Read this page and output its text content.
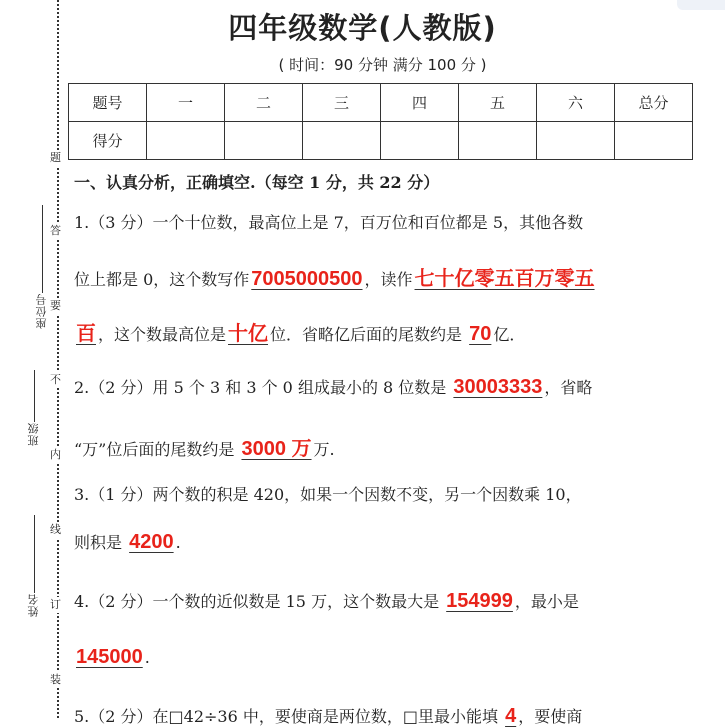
题
答
要
不
内
线
订
装
座位号
班级
姓名
四年级数学(人教版)
( 时间：90 分钟 满分 100 分 )
题号	一	二	三	四	五	六	总分
得分							
一、认真分析，正确填空.（每空 1 分，共 22 分）
1.（3 分）一个十位数，最高位上是 7，百万位和百位都是 5，其他各数
位上都是 0，这个数写作 7005000500 ，读作 七十亿零五百万零五
百 ，这个数最高位是 十亿 位．省略亿后面的尾数约是 70 亿．
2.（2 分）用 5 个 3 和 3 个 0 组成最小的 8 位数是 30003333 ，省略
“万”位后面的尾数约是 3000 万 万.
3.（1 分）两个数的积是 420，如果一个因数不变，另一个因数乘 10，
则积是 4200 .
4.（2 分）一个数的近似数是 15 万，这个数最大是 154999 ，最小是
145000 .
5.（2 分）在□42÷36 中，要使商是两位数，□里最小能填 4 ，要使商
